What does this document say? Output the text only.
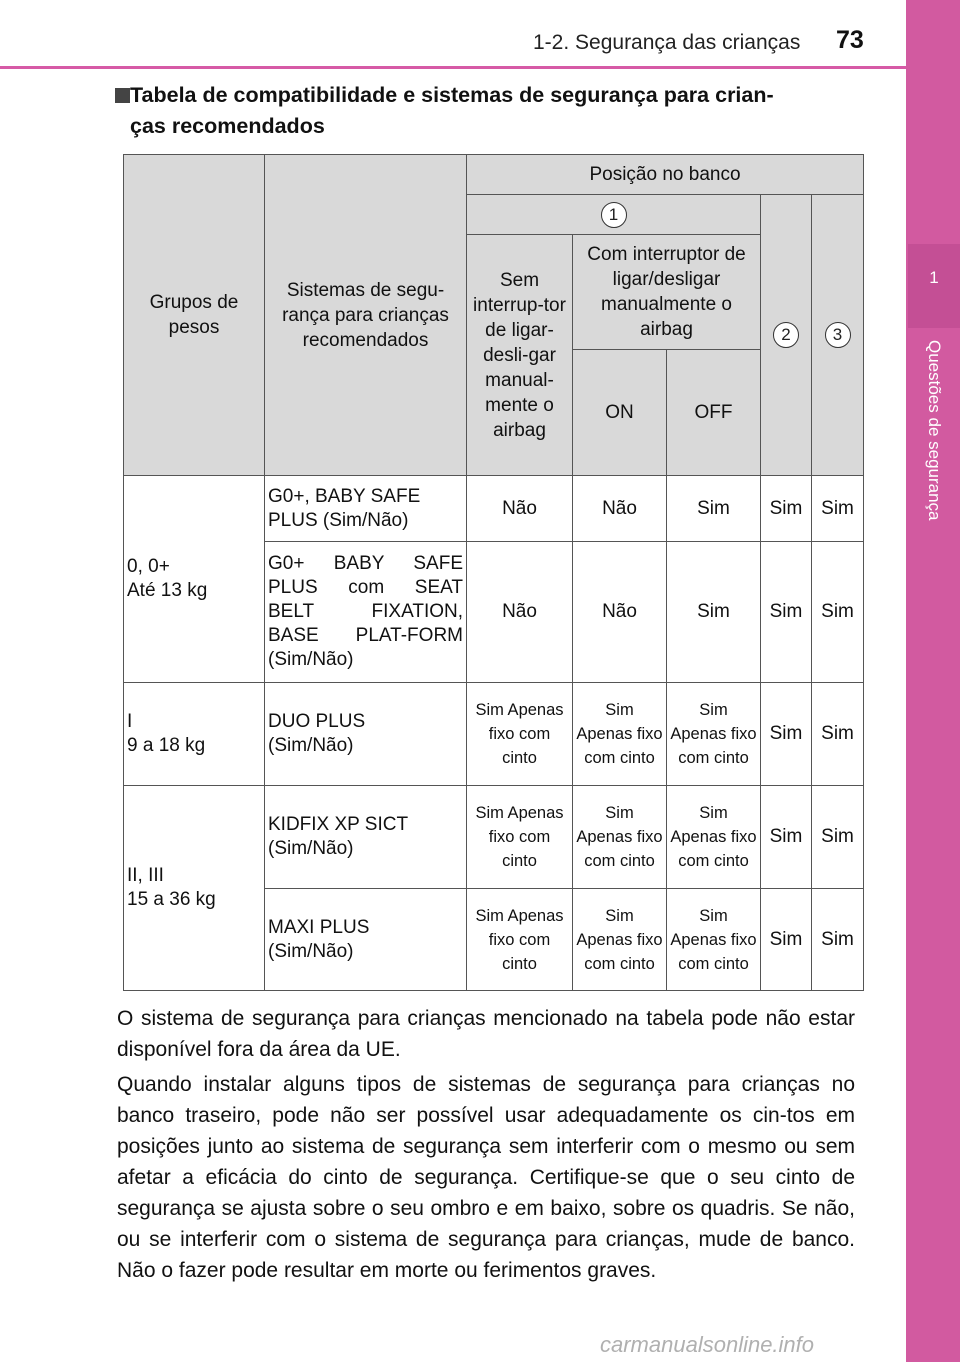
1-2. Segurança das crianças 73
1
Questões de segurança
Tabela de compatibilidade e sistemas de segurança para crian-
ças recomendados
Grupos de pesos	Sistemas de segu-rança para crianças recomendados	Posição no banco				
		1			2	3
		Sem interrup-tor de ligar-desli-gar manual-mente o airbag	Com interruptor de ligar/desligar manualmente o airbag			
			ON	OFF		
0, 0+
Até 13 kg	G0+, BABY SAFE PLUS (Sim/Não)	Não	Não	Sim	Sim	Sim
	G0+ BABY SAFE PLUS com SEAT BELT FIXATION, BASE PLAT-FORM (Sim/Não)	Não	Não	Sim	Sim	Sim
I
9 a 18 kg	DUO PLUS
(Sim/Não)	Sim Apenas fixo com cinto	Sim Apenas fixo com cinto	Sim Apenas fixo com cinto	Sim	Sim
II, III
15 a 36 kg	KIDFIX XP SICT
(Sim/Não)	Sim Apenas fixo com cinto	Sim Apenas fixo com cinto	Sim Apenas fixo com cinto	Sim	Sim
	MAXI PLUS
(Sim/Não)	Sim Apenas fixo com cinto	Sim Apenas fixo com cinto	Sim Apenas fixo com cinto	Sim	Sim
O sistema de segurança para crianças mencionado na tabela pode não estar disponível fora da área da UE.
Quando instalar alguns tipos de sistemas de segurança para crianças no banco traseiro, pode não ser possível usar adequadamente os cin-tos em posições junto ao sistema de segurança sem interferir com o mesmo ou sem afetar a eficácia do cinto de segurança. Certifique-se que o seu cinto de segurança se ajusta sobre o seu ombro e em baixo, sobre os quadris. Se não, ou se interferir com o sistema de segurança para crianças, mude de banco. Não o fazer pode resultar em morte ou ferimentos graves.
carmanualsonline.info
